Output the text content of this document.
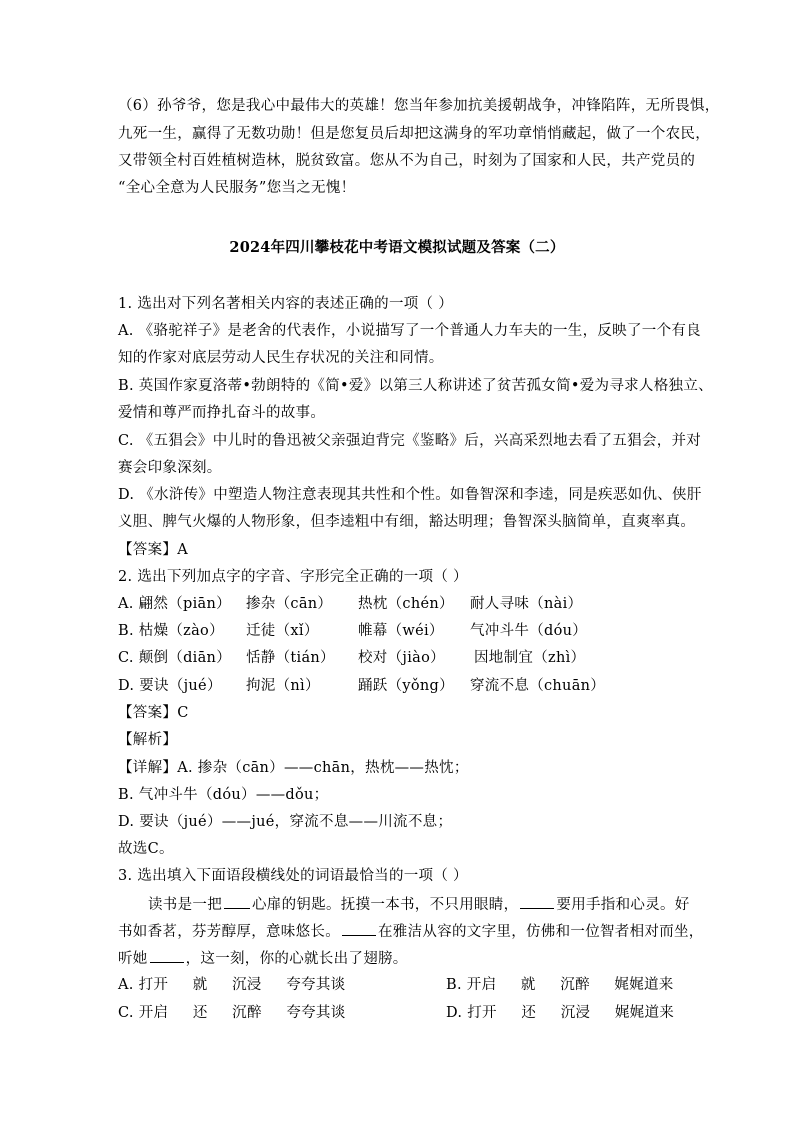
（6）孙爷爷，您是我心中最伟大的英雄！您当年参加抗美援朝战争，冲锋陷阵，无所畏惧，
九死一生，赢得了无数功勋！但是您复员后却把这满身的军功章悄悄藏起，做了一个农民，
又带领全村百姓植树造林，脱贫致富。您从不为自己，时刻为了国家和人民，共产党员的
“全心全意为人民服务”您当之无愧！
2024年四川攀枝花中考语文模拟试题及答案（二）
1. 选出对下列名著相关内容的表述正确的一项（ ）
A. 《骆驼祥子》是老舍的代表作，小说描写了一个普通人力车夫的一生，反映了一个有良
知的作家对底层劳动人民生存状况的关注和同情。
B. 英国作家夏洛蒂•勃朗特的《简•爱》以第三人称讲述了贫苦孤女简•爱为寻求人格独立、
爱情和尊严而挣扎奋斗的故事。
C. 《五猖会》中儿时的鲁迅被父亲强迫背完《鉴略》后，兴高采烈地去看了五猖会，并对
赛会印象深刻。
D. 《水浒传》中塑造人物注意表现其共性和个性。如鲁智深和李逵，同是疾恶如仇、侠肝
义胆、脾气火爆的人物形象，但李逵粗中有细，豁达明理；鲁智深头脑简单，直爽率真。
【答案】A
2. 选出下列加点字的字音、字形完全正确的一项（ ）
A. 翩然（piān） 掺杂（cān） 热枕（chén） 耐人寻味（nài）
B. 枯燥（zào） 迁徒（xǐ）	帷幕（wéi） 气冲斗牛（dóu）
C. 颠倒（diān） 恬静（tián） 校对（jiào） 因地制宜（zhì）
D. 要诀（jué） 拘泥（nì）	踊跃（yǒng） 穿流不息（chuān）
【答案】C
【解析】
【详解】A. 掺杂（cān）——chān，热枕——热忱；
B. 气冲斗牛（dóu）——dǒu；
D. 要诀（jué）——jué，穿流不息——川流不息；
故选C。
3. 选出填入下面语段横线处的词语最恰当的一项（ ）
读书是一把 心扉的钥匙。抚摸一本书，不只用眼睛，	要用手指和心灵。好
书如香茗，芬芳醇厚，意味悠长。	在雅洁从容的文字里，仿佛和一位智者相对而坐，
听她	，这一刻，你的心就长出了翅膀。
A. 打开     就     沉浸     夸夸其谈	B. 开启     就     沉醉     娓娓道来
C. 开启     还     沉醉     夸夸其谈	D. 打开     还     沉浸     娓娓道来
